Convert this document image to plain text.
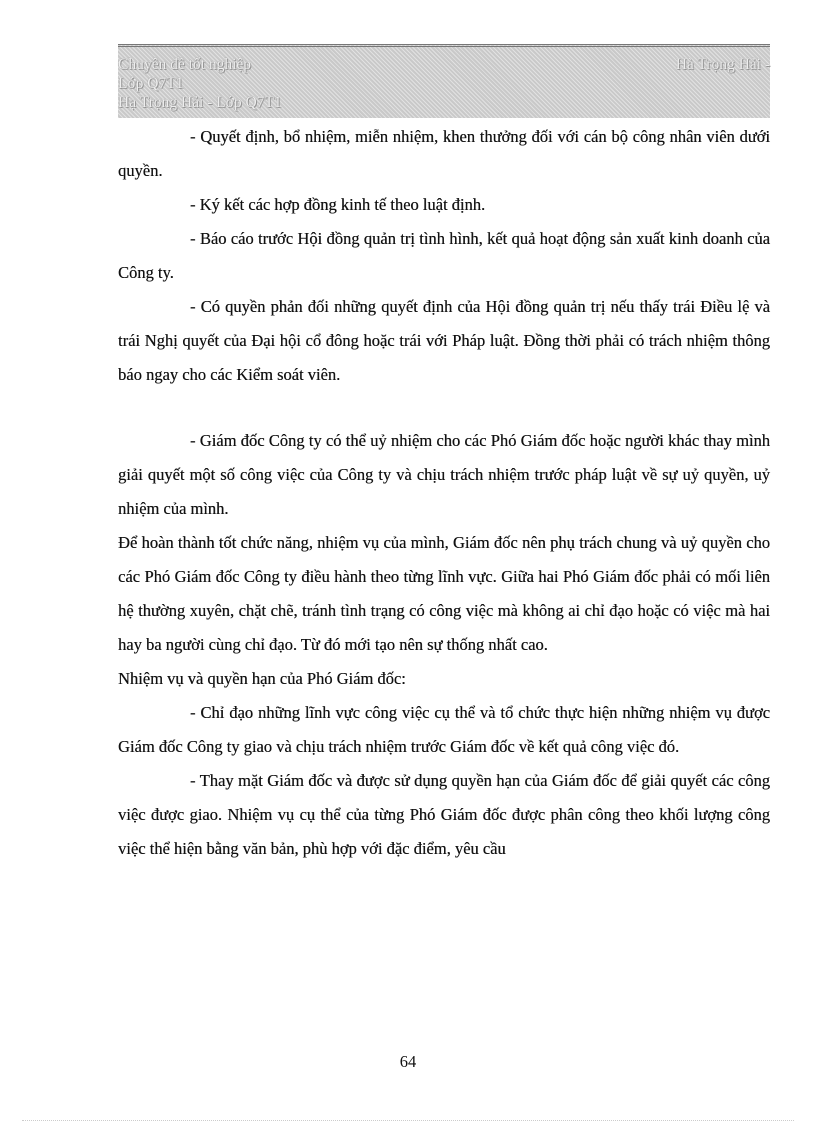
Chuyên đề tốt nghiệp	Hà Trọng Hải -
Lớp Q7T1
Hạ Trọng Hải - Lớp Q7T1

- Quyết định, bổ nhiệm, miễn nhiệm, khen thưởng đối với cán bộ công nhân viên dưới quyền.

- Ký kết các hợp đồng kinh tế theo luật định.

- Báo cáo trước Hội đồng quản trị tình hình, kết quả hoạt động sản xuất kinh doanh của Công ty.

- Có quyền phản đối những quyết định của Hội đồng quản trị nếu thấy trái Điều lệ và trái Nghị quyết của Đại hội cổ đông hoặc trái với Pháp luật. Đồng thời phải có trách nhiệm thông báo ngay cho các Kiểm soát viên.

- Giám đốc Công ty có thể uỷ nhiệm cho các Phó Giám đốc hoặc người khác thay mình giải quyết một số công việc của Công ty và chịu trách nhiệm trước pháp luật về sự uỷ quyền, uỷ nhiệm của mình.

Để hoàn thành tốt chức năng, nhiệm vụ của mình, Giám đốc nên phụ trách chung và uỷ quyền cho các Phó Giám đốc Công ty điều hành theo từng lĩnh vực. Giữa hai Phó Giám đốc phải có mối liên hệ thường xuyên, chặt chẽ, tránh tình trạng có công việc mà không ai chỉ đạo hoặc có việc mà hai hay ba người cùng chỉ đạo. Từ đó mới tạo nên sự thống nhất cao.

Nhiệm vụ và quyền hạn của Phó Giám đốc:

- Chỉ đạo những lĩnh vực công việc cụ thể và tổ chức thực hiện những nhiệm vụ được Giám đốc Công ty giao và chịu trách nhiệm trước Giám đốc về kết quả công việc đó.

- Thay mặt Giám đốc và được sử dụng quyền hạn của Giám đốc để giải quyết các công việc được giao. Nhiệm vụ cụ thể của từng Phó Giám đốc được phân công theo khối lượng công việc thể hiện bằng văn bản, phù hợp với đặc điểm, yêu cầu

64
